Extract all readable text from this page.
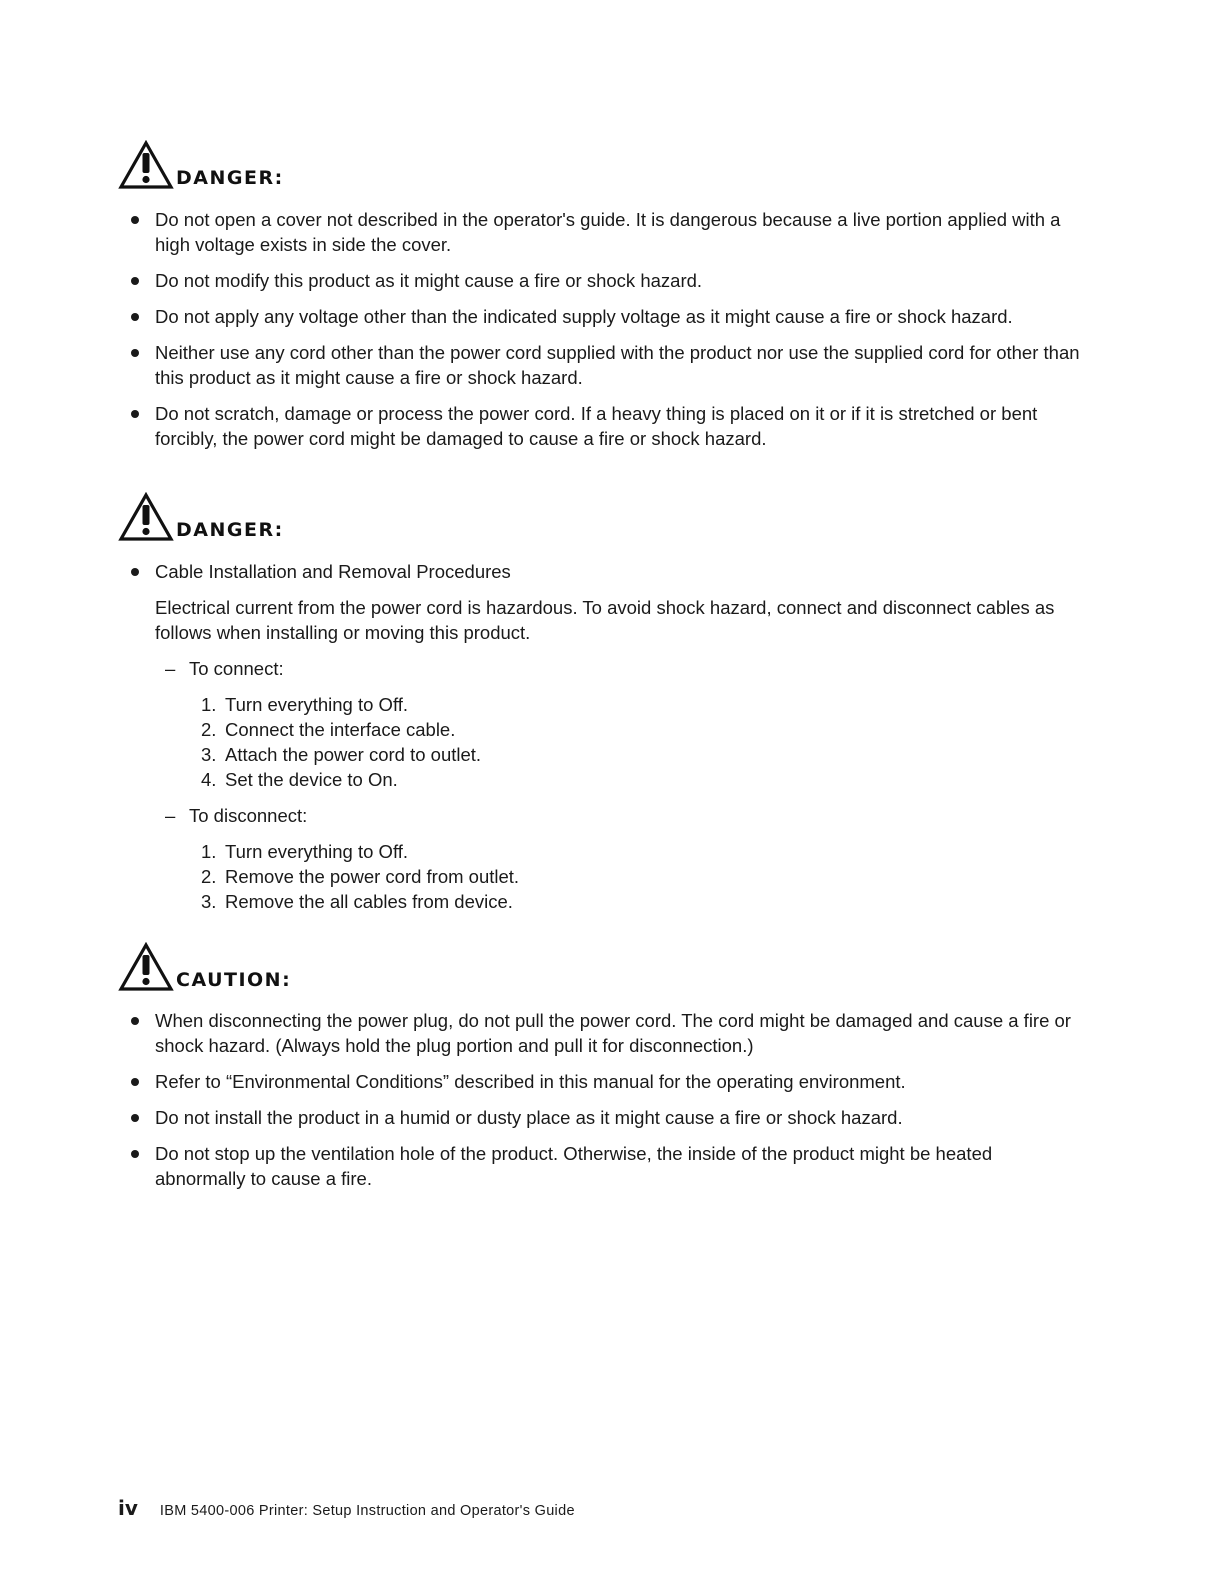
DANGER:
Do not open a cover not described in the operator's guide. It is dangerous because a live portion applied with a high voltage exists in side the cover.
Do not modify this product as it might cause a fire or shock hazard.
Do not apply any voltage other than the indicated supply voltage as it might cause a fire or shock hazard.
Neither use any cord other than the power cord supplied with the product nor use the supplied cord for other than this product as it might cause a fire or shock hazard.
Do not scratch, damage or process the power cord. If a heavy thing is placed on it or if it is stretched or bent forcibly, the power cord might be damaged to cause a fire or shock hazard.
DANGER:
Cable Installation and Removal Procedures
Electrical current from the power cord is hazardous. To avoid shock hazard, connect and disconnect cables as follows when installing or moving this product.
– To connect:
1. Turn everything to Off.
2. Connect the interface cable.
3. Attach the power cord to outlet.
4. Set the device to On.
– To disconnect:
1. Turn everything to Off.
2. Remove the power cord from outlet.
3. Remove the all cables from device.
CAUTION:
When disconnecting the power plug, do not pull the power cord. The cord might be damaged and cause a fire or shock hazard. (Always hold the plug portion and pull it for disconnection.)
Refer to “Environmental Conditions” described in this manual for the operating environment.
Do not install the product in a humid or dusty place as it might cause a fire or shock hazard.
Do not stop up the ventilation hole of the product. Otherwise, the inside of the product might be heated abnormally to cause a fire.
iv IBM 5400-006 Printer: Setup Instruction and Operator's Guide
